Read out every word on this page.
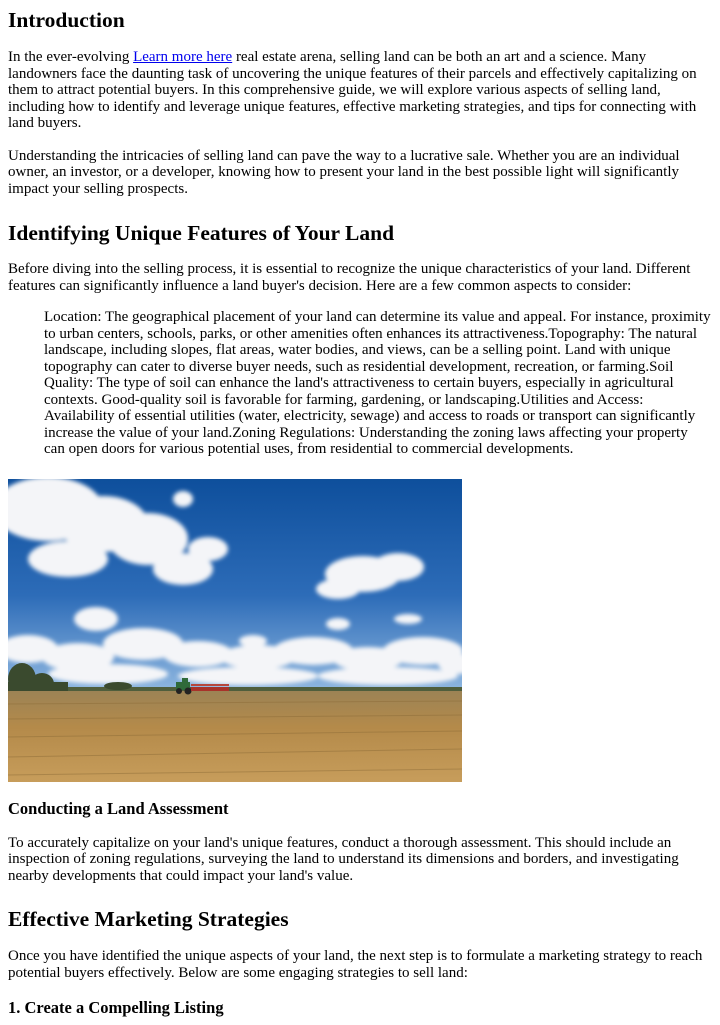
Introduction

In the ever-evolving Learn more here real estate arena, selling land can be both an art and a science. Many landowners face the daunting task of uncovering the unique features of their parcels and effectively capitalizing on them to attract potential buyers. In this comprehensive guide, we will explore various aspects of selling land, including how to identify and leverage unique features, effective marketing strategies, and tips for connecting with land buyers.

Understanding the intricacies of selling land can pave the way to a lucrative sale. Whether you are an individual owner, an investor, or a developer, knowing how to present your land in the best possible light will significantly impact your selling prospects.

Identifying Unique Features of Your Land

Before diving into the selling process, it is essential to recognize the unique characteristics of your land. Different features can significantly influence a land buyer's decision. Here are a few common aspects to consider:

Location: The geographical placement of your land can determine its value and appeal. For instance, proximity to urban centers, schools, parks, or other amenities often enhances its attractiveness.Topography: The natural landscape, including slopes, flat areas, water bodies, and views, can be a selling point. Land with unique topography can cater to diverse buyer needs, such as residential development, recreation, or farming.Soil Quality: The type of soil can enhance the land's attractiveness to certain buyers, especially in agricultural contexts. Good-quality soil is favorable for farming, gardening, or landscaping.Utilities and Access: Availability of essential utilities (water, electricity, sewage) and access to roads or transport can significantly increase the value of your land.Zoning Regulations: Understanding the zoning laws affecting your property can open doors for various potential uses, from residential to commercial developments.
Conducting a Land Assessment

To accurately capitalize on your land's unique features, conduct a thorough assessment. This should include an inspection of zoning regulations, surveying the land to understand its dimensions and borders, and investigating nearby developments that could impact your land's value.

Effective Marketing Strategies

Once you have identified the unique aspects of your land, the next step is to formulate a marketing strategy to reach potential buyers effectively. Below are some engaging strategies to sell land:

1. Create a Compelling Listing
